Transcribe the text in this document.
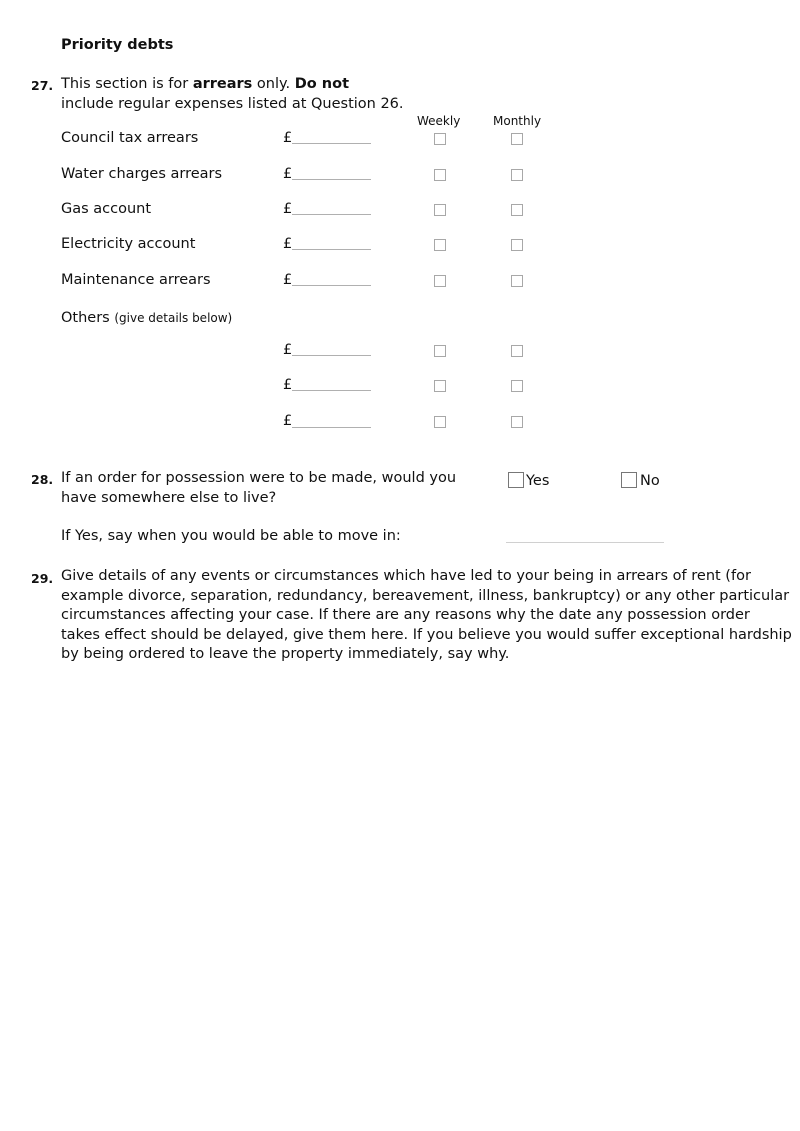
Priority debts
27. This section is for arrears only. Do not
include regular expenses listed at Question 26.
Weekly	Monthly
Council tax arrears	£
Water charges arrears	£
Gas account	£
Electricity account	£
Maintenance arrears	£
Others (give details below)
£
£
£
28. If an order for possession were to be made, would you
have somewhere else to live?
Yes	No
If Yes, say when you would be able to move in:
29. Give details of any events or circumstances which have led to your being in arrears of rent (for
example divorce, separation, redundancy, bereavement, illness, bankruptcy) or any other particular
circumstances affecting your case. If there are any reasons why the date any possession order
takes effect should be delayed, give them here. If you believe you would suffer exceptional hardship
by being ordered to leave the property immediately, say why.
